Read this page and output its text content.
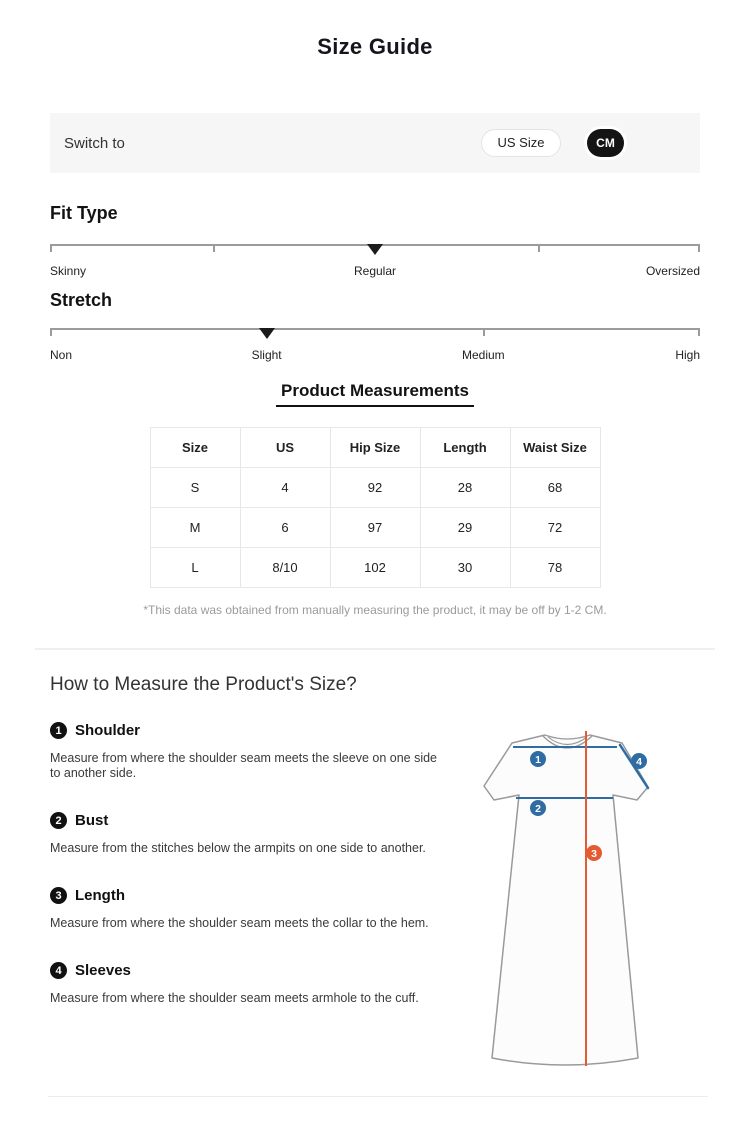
Size Guide
Switch to	US Size	CM
Fit Type
Skinny	Regular	Oversized
Stretch
Non	Slight	Medium	High
Product Measurements
Size	US	Hip Size	Length	Waist Size
S	4	92	28	68
M	6	97	29	72
L	8/10	102	30	78
*This data was obtained from manually measuring the product, it may be off by 1-2 CM.
How to Measure the Product's Size?
1 Shoulder
Measure from where the shoulder seam meets the sleeve on one side to another side.
2 Bust
Measure from the stitches below the armpits on one side to another.
3 Length
Measure from where the shoulder seam meets the collar to the hem.
4 Sleeves
Measure from where the shoulder seam meets armhole to the cuff.
1
2
3
4
